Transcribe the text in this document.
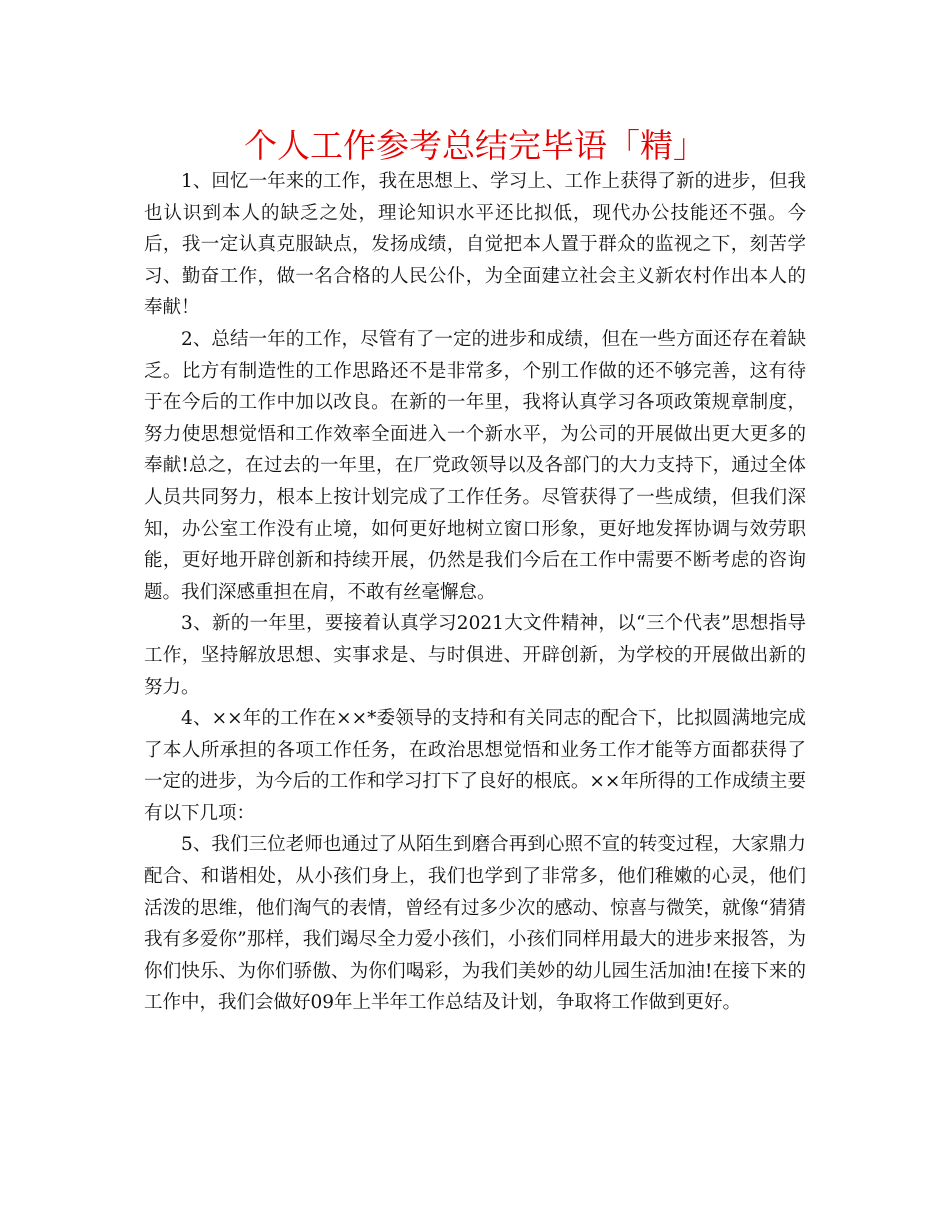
个人工作参考总结完毕语「精」

1、回忆一年来的工作，我在思想上、学习上、工作上获得了新的进步，但我也认识到本人的缺乏之处，理论知识水平还比拟低，现代办公技能还不强。今后，我一定认真克服缺点，发扬成绩，自觉把本人置于群众的监视之下，刻苦学习、勤奋工作，做一名合格的人民公仆，为全面建立社会主义新农村作出本人的奉献！

2、总结一年的工作，尽管有了一定的进步和成绩，但在一些方面还存在着缺乏。比方有制造性的工作思路还不是非常多，个别工作做的还不够完善，这有待于在今后的工作中加以改良。在新的一年里，我将认真学习各项政策规章制度，努力使思想觉悟和工作效率全面进入一个新水平，为公司的开展做出更大更多的奉献!总之，在过去的一年里，在厂党政领导以及各部门的大力支持下，通过全体人员共同努力，根本上按计划完成了工作任务。尽管获得了一些成绩，但我们深知，办公室工作没有止境，如何更好地树立窗口形象，更好地发挥协调与效劳职能，更好地开辟创新和持续开展，仍然是我们今后在工作中需要不断考虑的咨询题。我们深感重担在肩，不敢有丝毫懈怠。

3、新的一年里，要接着认真学习2021大文件精神，以“三个代表”思想指导工作，坚持解放思想、实事求是、与时俱进、开辟创新，为学校的开展做出新的努力。

4、××年的工作在××*委领导的支持和有关同志的配合下，比拟圆满地完成了本人所承担的各项工作任务，在政治思想觉悟和业务工作才能等方面都获得了一定的进步，为今后的工作和学习打下了良好的根底。××年所得的工作成绩主要有以下几项：

5、我们三位老师也通过了从陌生到磨合再到心照不宣的转变过程，大家鼎力配合、和谐相处，从小孩们身上，我们也学到了非常多，他们稚嫩的心灵，他们活泼的思维，他们淘气的表情，曾经有过多少次的感动、惊喜与微笑，就像“猜猜我有多爱你”那样，我们竭尽全力爱小孩们，小孩们同样用最大的进步来报答，为你们快乐、为你们骄傲、为你们喝彩，为我们美妙的幼儿园生活加油!在接下来的工作中，我们会做好09年上半年工作总结及计划，争取将工作做到更好。
